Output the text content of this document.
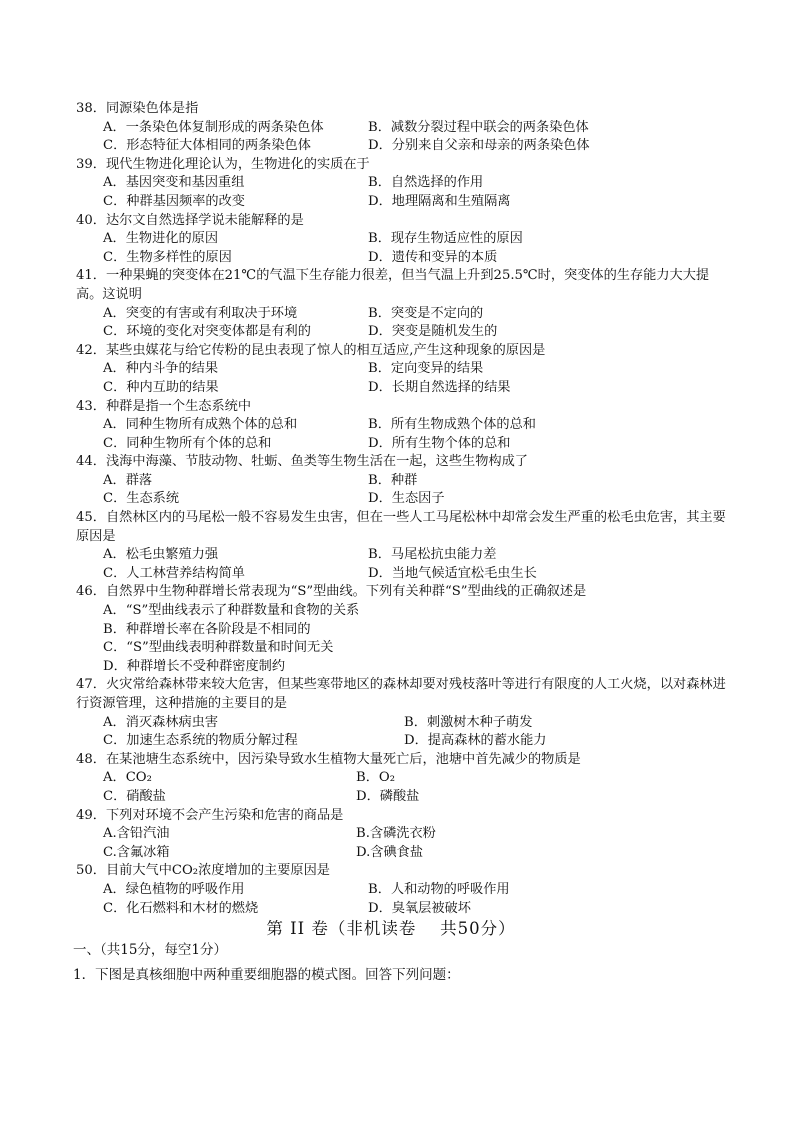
38．同源染色体是指
A．一条染色体复制形成的两条染色体	B．减数分裂过程中联会的两条染色体
C．形态特征大体相同的两条染色体	D．分别来自父亲和母亲的两条染色体
39．现代生物进化理论认为，生物进化的实质在于
A．基因突变和基因重组	B．自然选择的作用
C．种群基因频率的改变	D．地理隔离和生殖隔离
40．达尔文自然选择学说未能解释的是
A．生物进化的原因	B．现存生物适应性的原因
C．生物多样性的原因	D．遗传和变异的本质
41．一种果蝇的突变体在21℃的气温下生存能力很差，但当气温上升到25.5℃时，突变体的生存能力大大提高。这说明
A．突变的有害或有利取决于环境	B．突变是不定向的
C．环境的变化对突变体都是有利的	D．突变是随机发生的
42．某些虫媒花与给它传粉的昆虫表现了惊人的相互适应,产生这种现象的原因是
A．种内斗争的结果	B．定向变异的结果
C．种内互助的结果	D．长期自然选择的结果
43．种群是指一个生态系统中
A．同种生物所有成熟个体的总和	B．所有生物成熟个体的总和
C．同种生物所有个体的总和	D．所有生物个体的总和
44．浅海中海藻、节肢动物、牡蛎、鱼类等生物生活在一起，这些生物构成了
A．群落	B．种群
C．生态系统	D．生态因子
45．自然林区内的马尾松一般不容易发生虫害，但在一些人工马尾松林中却常会发生严重的松毛虫危害，其主要原因是
A．松毛虫繁殖力强	B．马尾松抗虫能力差
C．人工林营养结构简单	D．当地气候适宜松毛虫生长
46．自然界中生物种群增长常表现为“S”型曲线。下列有关种群“S”型曲线的正确叙述是
A．“S”型曲线表示了种群数量和食物的关系
B．种群增长率在各阶段是不相同的
C．“S”型曲线表明种群数量和时间无关
D．种群增长不受种群密度制约
47．火灾常给森林带来较大危害，但某些寒带地区的森林却要对残枝落叶等进行有限度的人工火烧，以对森林进行资源管理，这种措施的主要目的是
A．消灭森林病虫害	B．刺激树木种子萌发
C．加速生态系统的物质分解过程	D．提高森林的蓄水能力
48．在某池塘生态系统中，因污染导致水生植物大量死亡后，池塘中首先减少的物质是
A．CO₂	B．O₂
C．硝酸盐	D．磷酸盐
49．下列对环境不会产生污染和危害的商品是
A.含铅汽油	B.含磷洗衣粉
C.含氟冰箱	D.含碘食盐
50．目前大气中CO₂浓度增加的主要原因是
A．绿色植物的呼吸作用	B．人和动物的呼吸作用
C．化石燃料和木材的燃烧	D．臭氧层被破坏
第 II 卷（非机读卷　 共50分）
一、（共15分，每空1分）
1．下图是真核细胞中两种重要细胞器的模式图。回答下列问题：
